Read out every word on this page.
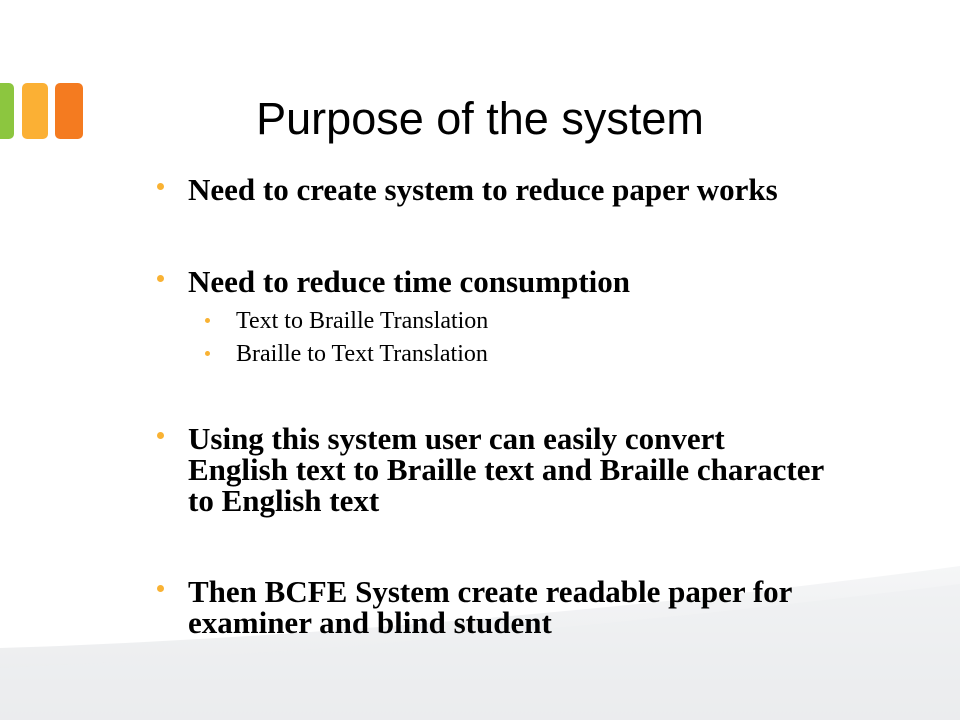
Purpose of the system
Need to create system to reduce paper works
Need to reduce time consumption
Text to Braille Translation
Braille to Text Translation
Using this system user can easily convert
English text to Braille text and Braille character
to English text
Then BCFE System create readable paper for
examiner and blind student
